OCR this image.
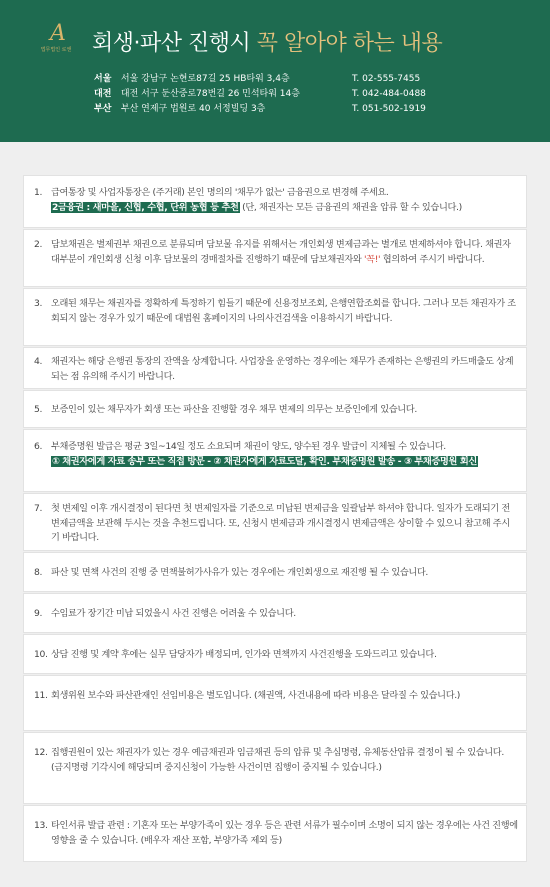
A
법무법인 로앤 회생·파산 진행시 꼭 알아야 하는 내용
서울 서울 강남구 논현로87길 25 HB타워 3,4층	T. 02-555-7455
대전 대전 서구 둔산중로78번길 26 민석타워 14층	T. 042-484-0488
부산 부산 연제구 법원로 40 서정빌딩 3층	T. 051-502-1919
1. 급여통장 및 사업자통장은 (주거래) 본인 명의의 '채무가 없는' 금융권으로 변경해 주세요.
2금융권 : 새마을, 신협, 수협, 단위 농협 등 추천 (단, 채권자는 모든 금융권의 채권을 압류 할 수 있습니다.)
2. 담보채권은 별제권부 채권으로 분류되며 담보물 유지를 위해서는 개인회생 변제금과는 별개로 변제하셔야 합니다. 채권자 대부분이 개인회생 신청 이후 담보물의 경매절차를 진행하기 때문에 담보채권자와 '꼭!' 협의하여 주시기 바랍니다.
3. 오래된 채무는 채권자를 정확하게 특정하기 힘들기 때문에 신용정보조회, 은행연합조회를 합니다. 그러나 모든 채권자가 조회되지 않는 경우가 있기 때문에 대법원 홈페이지의 나의사건검색을 이용하시기 바랍니다.
4. 채권자는 해당 은행권 통장의 잔액을 상계합니다. 사업장을 운영하는 경우에는 채무가 존재하는 은행권의 카드매출도 상계 되는 점 유의해 주시기 바랍니다.
5. 보증인이 있는 채무자가 회생 또는 파산을 진행할 경우 채무 변제의 의무는 보증인에게 있습니다.
6. 부채증명원 발급은 평균 3일~14일 정도 소요되며 채권이 양도, 양수된 경우 발급이 지체될 수 있습니다.
① 채권자에게 자료 송부 또는 직접 방문 - ② 채권자에게 자료도달, 확인. 부채증명원 발송 - ③ 부채증명원 회신
7. 첫 변제일 이후 개시결정이 된다면 첫 변제일자를 기준으로 미납된 변제금을 일괄납부 하셔야 합니다. 일자가 도래되기 전 변제금액을 보관해 두시는 것을 추천드립니다. 또, 신청시 변제금과 개시결정시 변제금액은 상이할 수 있으니 참고해 주시기 바랍니다.
8. 파산 및 면책 사건의 진행 중 면책불허가사유가 있는 경우에는 개인회생으로 재진행 될 수 있습니다.
9. 수임료가 장기간 미납 되었을시 사건 진행은 어려울 수 있습니다.
10. 상담 진행 및 계약 후에는 실무 담당자가 배정되며, 인가와 면책까지 사건진행을 도와드리고 있습니다.
11. 회생위원 보수와 파산관재인 선임비용은 별도입니다. (채권액, 사건내용에 따라 비용은 달라질 수 있습니다.)
12. 집행권원이 있는 채권자가 있는 경우 예금채권과 임금채권 등의 압류 및 추심명령, 유체동산압류 결정이 될 수 있습니다. (금지명령 기각시에 해당되며 중지신청이 가능한 사건이면 집행이 중지될 수 있습니다.)
13. 타인서류 발급 관련 : 기혼자 또는 부양가족이 있는 경우 등은 관련 서류가 필수이며 소명이 되지 않는 경우에는 사건 진행에 영향을 줄 수 있습니다. (배우자 재산 포함, 부양가족 제외 등)
